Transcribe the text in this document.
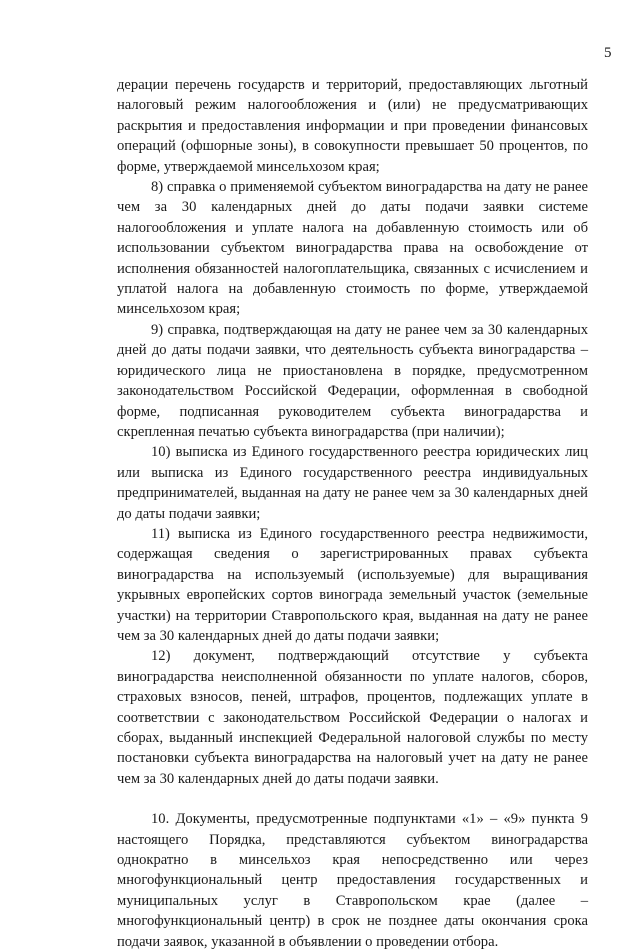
5

дерации перечень государств и территорий, предоставляющих льготный налоговый режим налогообложения и (или) не предусматривающих раскрытия и предоставления информации и при проведении финансовых операций (офшорные зоны), в совокупности превышает 50 процентов, по форме, утверждаемой минсельхозом края;

8) справка о применяемой субъектом виноградарства на дату не ранее чем за 30 календарных дней до даты подачи заявки системе налогообложения и уплате налога на добавленную стоимость или об использовании субъектом виноградарства права на освобождение от исполнения обязанностей налогоплательщика, связанных с исчислением и уплатой налога на добавленную стоимость по форме, утверждаемой минсельхозом края;

9) справка, подтверждающая на дату не ранее чем за 30 календарных дней до даты подачи заявки, что деятельность субъекта виноградарства – юридического лица не приостановлена в порядке, предусмотренном законодательством Российской Федерации, оформленная в свободной форме, подписанная руководителем субъекта виноградарства и скрепленная печатью субъекта виноградарства (при наличии);

10) выписка из Единого государственного реестра юридических лиц или выписка из Единого государственного реестра индивидуальных предпринимателей, выданная на дату не ранее чем за 30 календарных дней до даты подачи заявки;

11) выписка из Единого государственного реестра недвижимости, содержащая сведения о зарегистрированных правах субъекта виноградарства на используемый (используемые) для выращивания укрывных европейских сортов винограда земельный участок (земельные участки) на территории Ставропольского края, выданная на дату не ранее чем за 30 календарных дней до даты подачи заявки;

12) документ, подтверждающий отсутствие у субъекта виноградарства неисполненной обязанности по уплате налогов, сборов, страховых взносов, пеней, штрафов, процентов, подлежащих уплате в соответствии с законодательством Российской Федерации о налогах и сборах, выданный инспекцией Федеральной налоговой службы по месту постановки субъекта виноградарства на налоговый учет на дату не ранее чем за 30 календарных дней до даты подачи заявки.

10. Документы, предусмотренные подпунктами «1» – «9» пункта 9 настоящего Порядка, представляются субъектом виноградарства однократно в минсельхоз края непосредственно или через многофункциональный центр предоставления государственных и муниципальных услуг в Ставропольском крае (далее – многофункциональный центр) в срок не позднее даты окончания срока подачи заявок, указанной в объявлении о проведении отбора.
